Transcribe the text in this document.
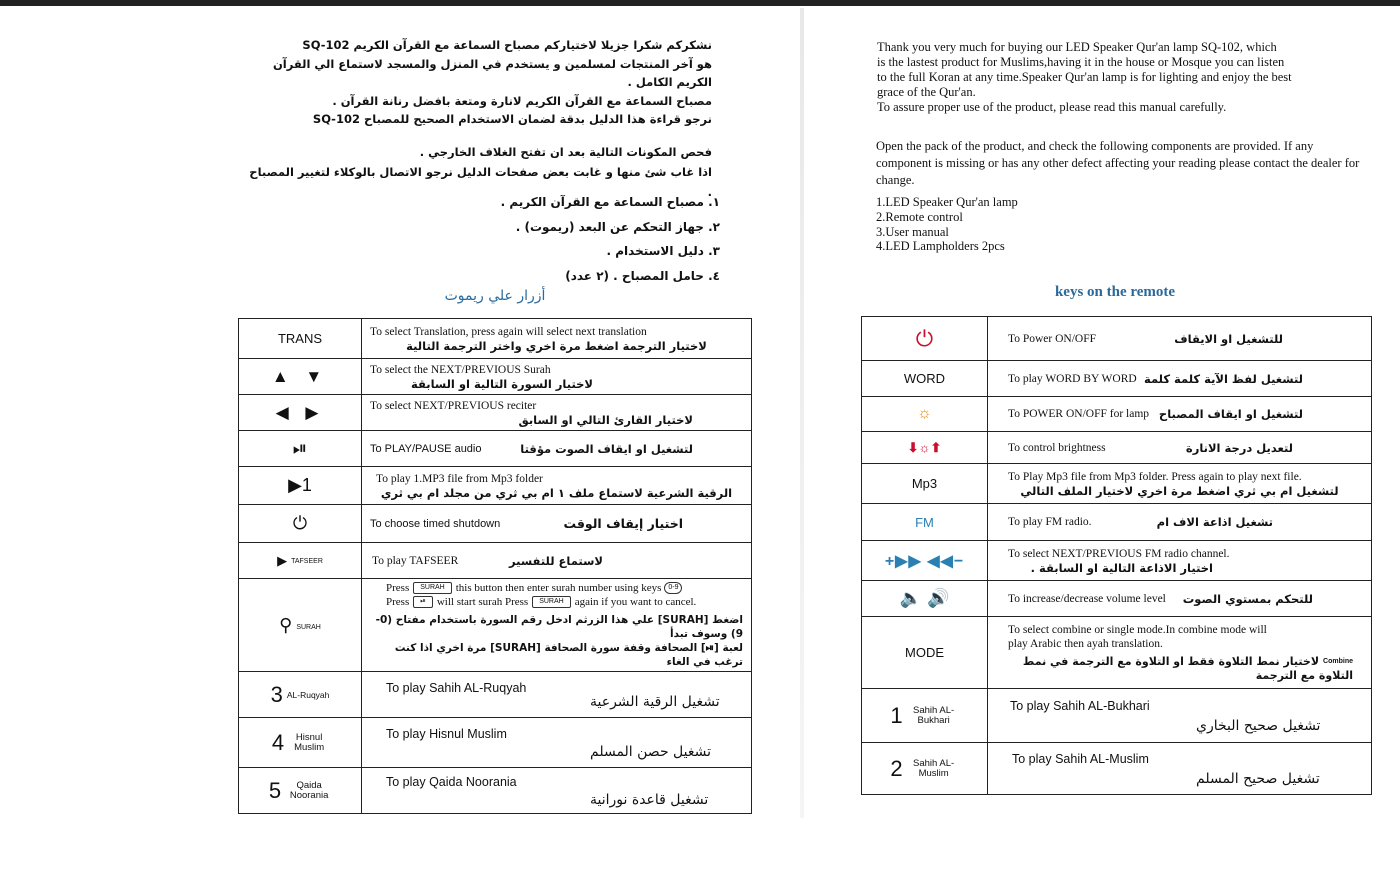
نشكركم شكرا جزيلا لاختياركم مصباح السماعة مع القرآن الكريم SQ-102

هو آخر المنتجات لمسلمين و يستخدم في المنزل والمسجد لاستماع الي القرآن الكريم الكامل .

مصباح السماعة مع القرآن الكريم لانارة ومتعة بافضل رنانة القرآن .

نرجو قراءة هذا الدليل بدقة لضمان الاستخدام الصحيح للمصباح SQ-102

فحص المكونات التالية بعد ان تفتح الغلاف الخارجي .

اذا غاب شئ منها و غابت بعض صفحات الدليل نرجو الاتصال بالوكلاء لتغيير المصباح .

١. مصباح السماعة مع القرآن الكريم .
٢. جهاز التحكم عن البعد (ريموت) .
٣. دليل الاستخدام .
٤. حامل المصباح . (٢ عدد)
أزرار علي ريموت
TRANS	To select Translation, press again will select next translation
لاختيار الترجمة اضغط مرة اخري واختر الترجمة التالية

▲ ▼	To select the NEXT/PREVIOUS Surah
لاختيار السورة التالية او السابقة

◀ ▶	To select NEXT/PREVIOUS reciter
لاختيار القارئ التالي او السابق

⏯	To PLAY/PAUSE audio لتشغيل او ايقاف الصوت مؤقتا

▶1	To play 1.MP3 file from Mp3 folder
الرقية الشرعية لاستماع ملف ١ ام بي ثري من مجلد ام بي ثري

⏻	To choose timed shutdown اختيار إيقاف الوقت

▶ TAFSEER	To play TAFSEER لاستماع للتفسير

⚲ SURAH	Press SURAH this button then enter surah number using keys 0-9
Press ⏯ will start surah Press SURAH again if you want to cancel.
اضغط [SURAH] علي هذا الزرثم ادخل رقم السورة باستخدام مفتاح (0-9) وسوف تبدأ
لعبة [⏯] الصحافة وقفة سورة الصحافة [SURAH] مرة اخري اذا كنت ترغب في الغاء

3 AL-Ruqyah	To play Sahih AL-Ruqyah
تشغيل الرقية الشرعية

4 Hisnul Muslim	To play Hisnul Muslim
تشغيل حصن المسلم

5 Qaida Noorania	To play Qaida Noorania
تشغيل قاعدة نورانية

Thank you very much for buying our LED Speaker Qur'an lamp SQ-102, which

is the lastest product for Muslims,having it in the house or Mosque you can listen

to the full Koran at any time.Speaker Qur'an lamp is for lighting and enjoy the best

grace of the Qur'an.

To assure proper use of the product, please read this manual carefully.

Open the pack of the product, and check the following components are provided. If any component is missing or has any other defect affecting your reading please contact the dealer for change.

1.LED Speaker Qur'an lamp
2.Remote control
3.User manual
4.LED Lampholders 2pcs
keys on the remote
⏻	To Power ON/OFF للتشغيل او الايقاف

WORD	To play WORD BY WORD لتشغيل لفظ الآية كلمة كلمة

☼	To POWER ON/OFF for lamp لتشغيل او ايقاف المصباح

⬇☼⬆	To control brightness لتعديل درجة الانارة

Mp3	To Play Mp3 file from Mp3 folder. Press again to play next file.
لتشغيل ام بي ثري اضغط مرة اخري لاختيار الملف التالي

FM	To play FM radio. تشغيل اذاعة الاف ام

+▶▶ ◀◀−	To select NEXT/PREVIOUS FM radio channel.
اختيار الاذاعة التالية او السابقة .

🔈 🔊	To increase/decrease volume level للتحكم بمستوي الصوت

MODE	To select combine or single mode.In combine mode will
play Arabic then ayah translation.
لاختيار نمط التلاوة فقط او التلاوة مع الترجمة في نمط Combine
التلاوة مع الترجمة

1 Sahih AL-Bukhari	To play Sahih AL-Bukhari
تشغيل صحيح البخاري

2 Sahih AL-Muslim	To play Sahih AL-Muslim
تشغيل صحيح المسلم
